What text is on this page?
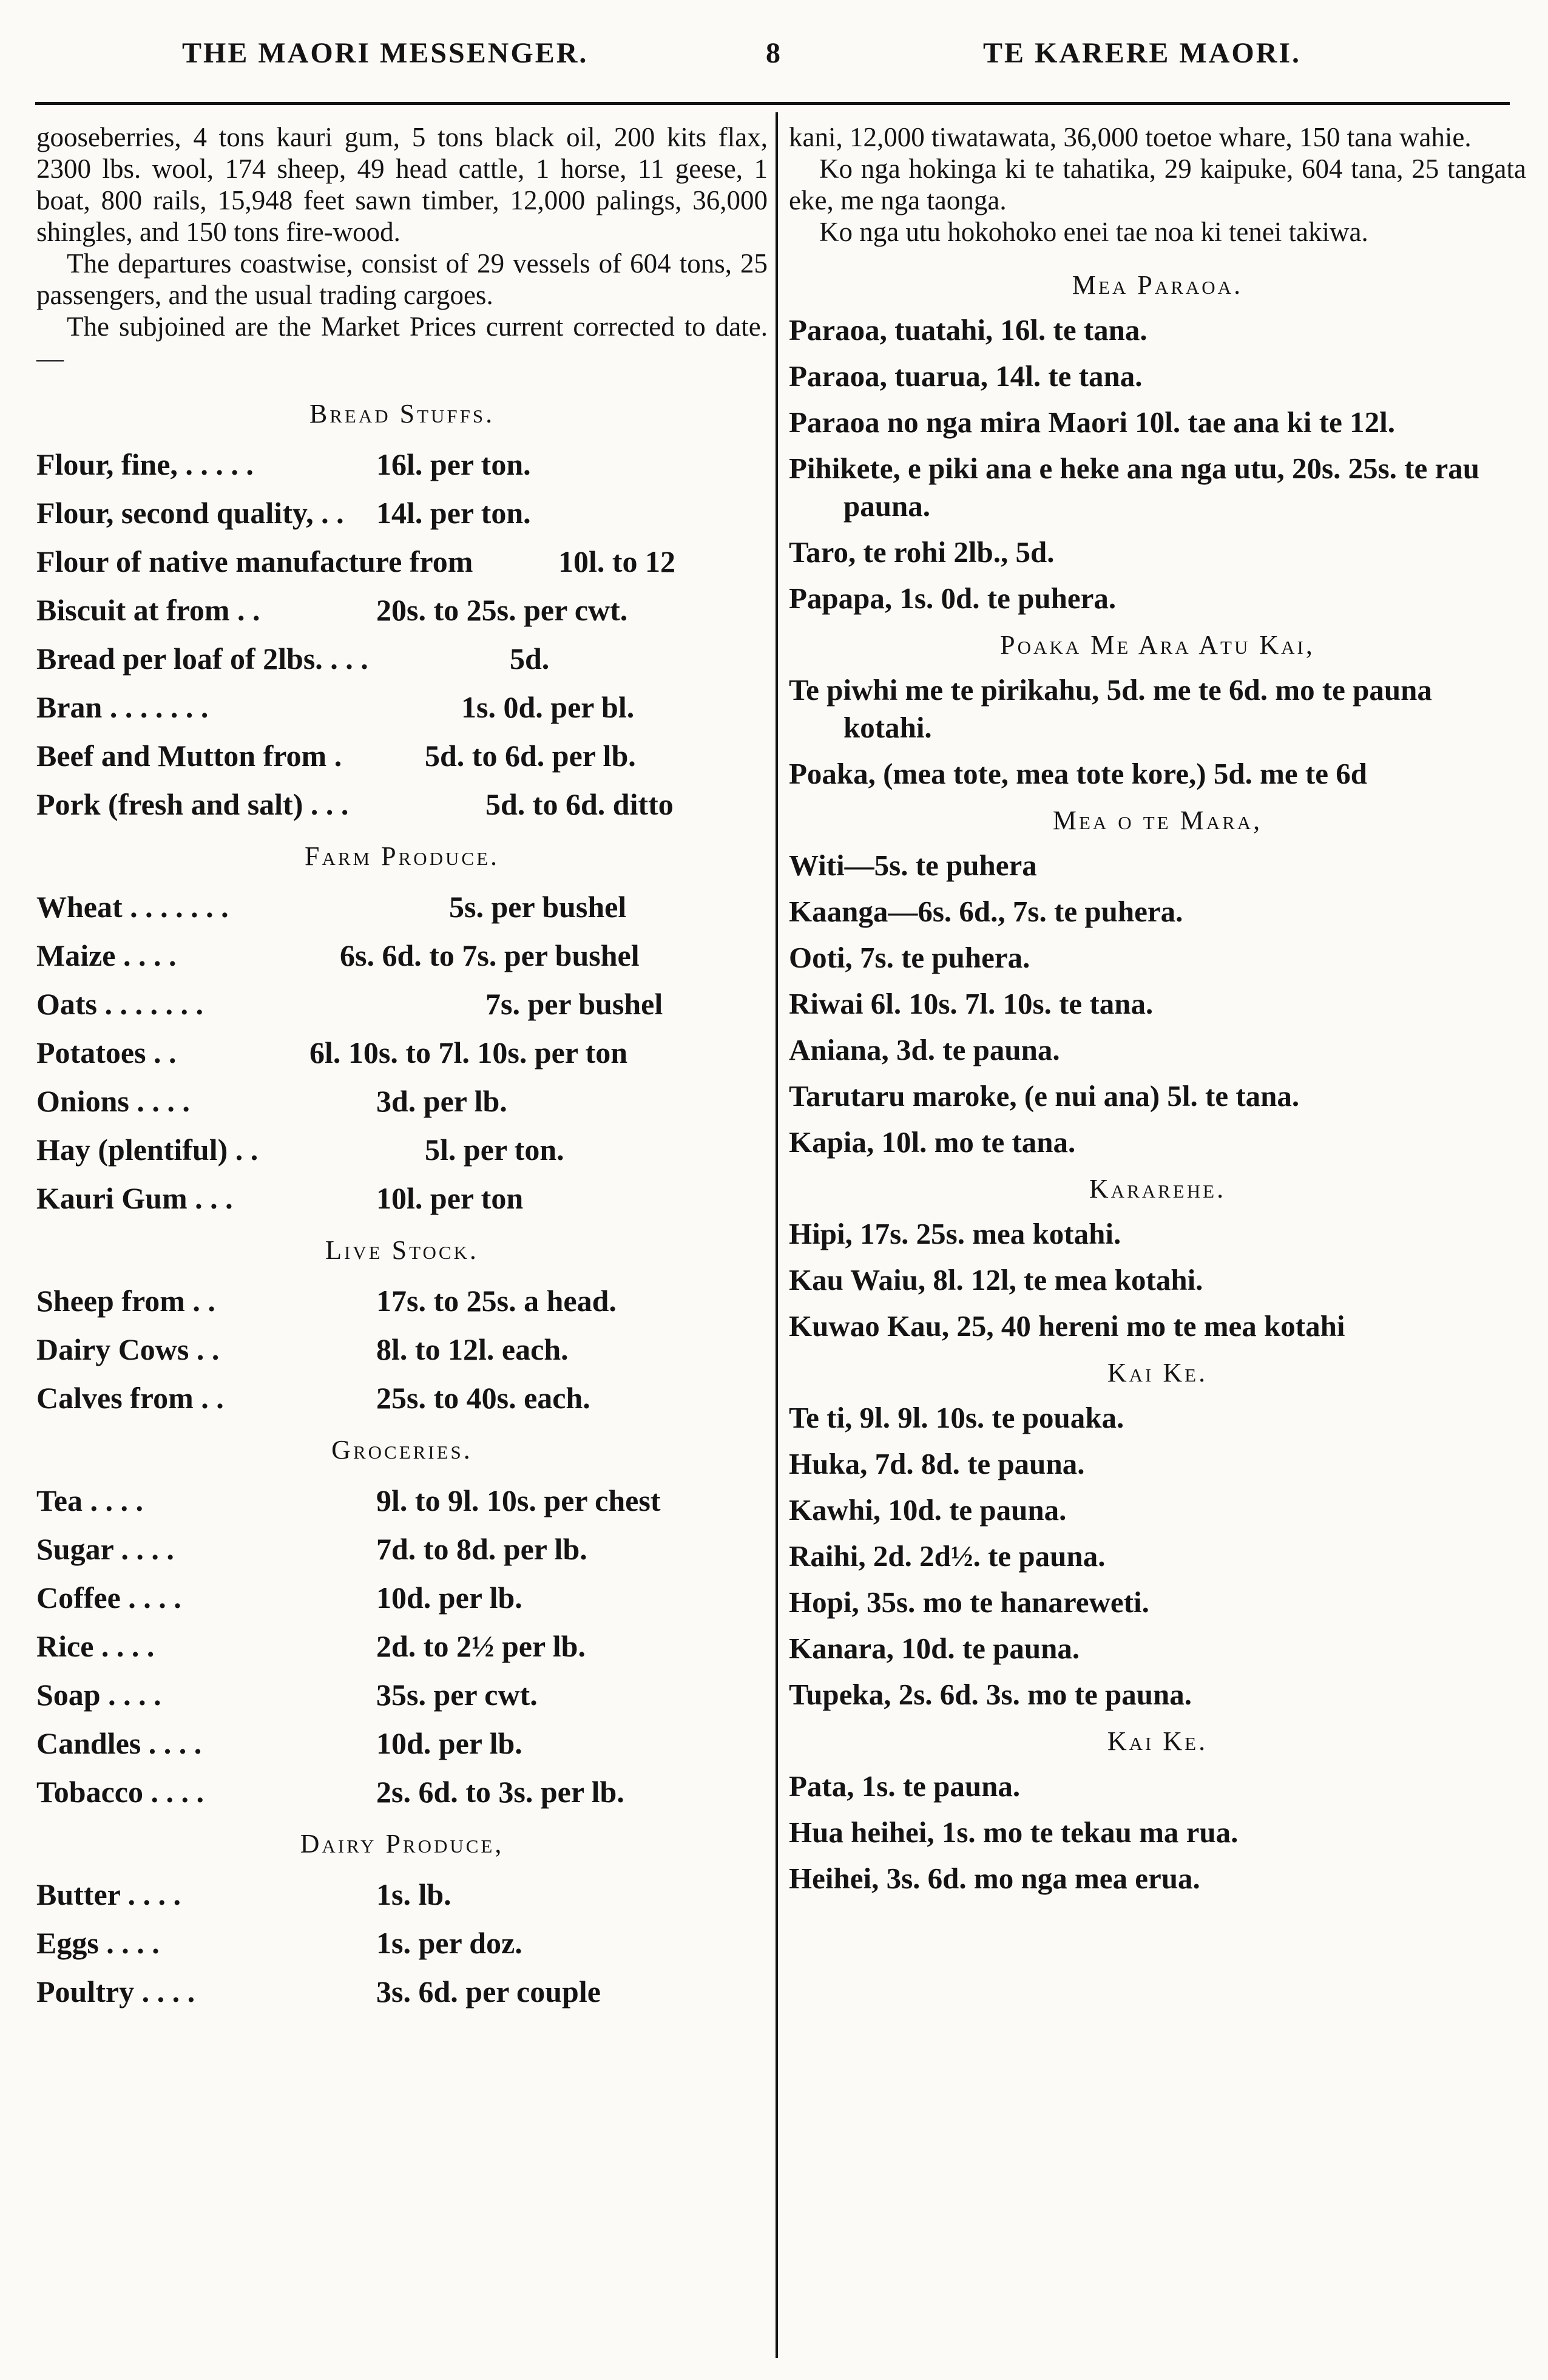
THE MAORI MESSENGER.	8	TE KARERE MAORI.

gooseberries, 4 tons kauri gum, 5 tons black oil, 200 kits flax, 2300 lbs. wool, 174 sheep, 49 head cattle, 1 horse, 11 geese, 1 boat, 800 rails, 15,948 feet sawn timber, 12,000 palings, 36,000 shingles, and 150 tons fire-wood.

The departures coastwise, consist of 29 vessels of 604 tons, 25 passengers, and the usual trading cargoes.

The subjoined are the Market Prices current corrected to date.—

Bread Stuffs.
Flour, fine, . . . . .	16l. per ton.
Flour, second quality, . .	14l. per ton.
Flour of native manufacture from	10l. to 12
Biscuit at from . .	20s. to 25s. per cwt.
Bread per loaf of 2lbs. . . .	5d.
Bran . . . . . . .	1s. 0d. per bl.
Beef and Mutton from .	5d. to 6d. per lb.
Pork (fresh and salt) . . .	5d. to 6d. ditto
Farm Produce.
Wheat . . . . . . .	5s. per bushel
Maize . . . .	6s. 6d. to 7s. per bushel
Oats . . . . . . .	7s. per bushel
Potatoes . .	6l. 10s. to 7l. 10s. per ton
Onions . . . .	3d. per lb.
Hay (plentiful) . .	5l. per ton.
Kauri Gum . . .	10l. per ton
Live Stock.
Sheep from . .	17s. to 25s. a head.
Dairy Cows . .	8l. to 12l. each.
Calves from . .	25s. to 40s. each.
Groceries.
Tea . . . .	9l. to 9l. 10s. per chest
Sugar . . . .	7d. to 8d. per lb.
Coffee . . . .	10d. per lb.
Rice . . . .	2d. to 2½ per lb.
Soap . . . .	35s. per cwt.
Candles . . . .	10d. per lb.
Tobacco . . . .	2s. 6d. to 3s. per lb.
Dairy Produce,
Butter . . . .	1s. lb.
Eggs . . . .	1s. per doz.
Poultry . . . .	3s. 6d. per couple

kani, 12,000 tiwatawata, 36,000 toetoe whare, 150 tana wahie.

Ko nga hokinga ki te tahatika, 29 kaipuke, 604 tana, 25 tangata eke, me nga taonga.

Ko nga utu hokohoko enei tae noa ki tenei takiwa.

Mea Paraoa.

Paraoa, tuatahi, 16l. te tana.

Paraoa, tuarua, 14l. te tana.

Paraoa no nga mira Maori 10l. tae ana ki te 12l.

Pihikete, e piki ana e heke ana nga utu, 20s. 25s. te rau pauna.

Taro, te rohi 2lb., 5d.

Papapa, 1s. 0d. te puhera.

Poaka Me Ara Atu Kai,

Te piwhi me te pirikahu, 5d. me te 6d. mo te pauna kotahi.

Poaka, (mea tote, mea tote kore,) 5d. me te 6d

Mea o te Mara,

Witi—5s. te puhera

Kaanga—6s. 6d., 7s. te puhera.

Ooti, 7s. te puhera.

Riwai 6l. 10s. 7l. 10s. te tana.

Aniana, 3d. te pauna.

Tarutaru maroke, (e nui ana) 5l. te tana.

Kapia, 10l. mo te tana.

Kararehe.

Hipi, 17s. 25s. mea kotahi.

Kau Waiu, 8l. 12l, te mea kotahi.

Kuwao Kau, 25, 40 hereni mo te mea kotahi

Kai Ke.

Te ti, 9l. 9l. 10s. te pouaka.

Huka, 7d. 8d. te pauna.

Kawhi, 10d. te pauna.

Raihi, 2d. 2d½. te pauna.

Hopi, 35s. mo te hanareweti.

Kanara, 10d. te pauna.

Tupeka, 2s. 6d. 3s. mo te pauna.

Kai Ke.

Pata, 1s. te pauna.

Hua heihei, 1s. mo te tekau ma rua.

Heihei, 3s. 6d. mo nga mea erua.
